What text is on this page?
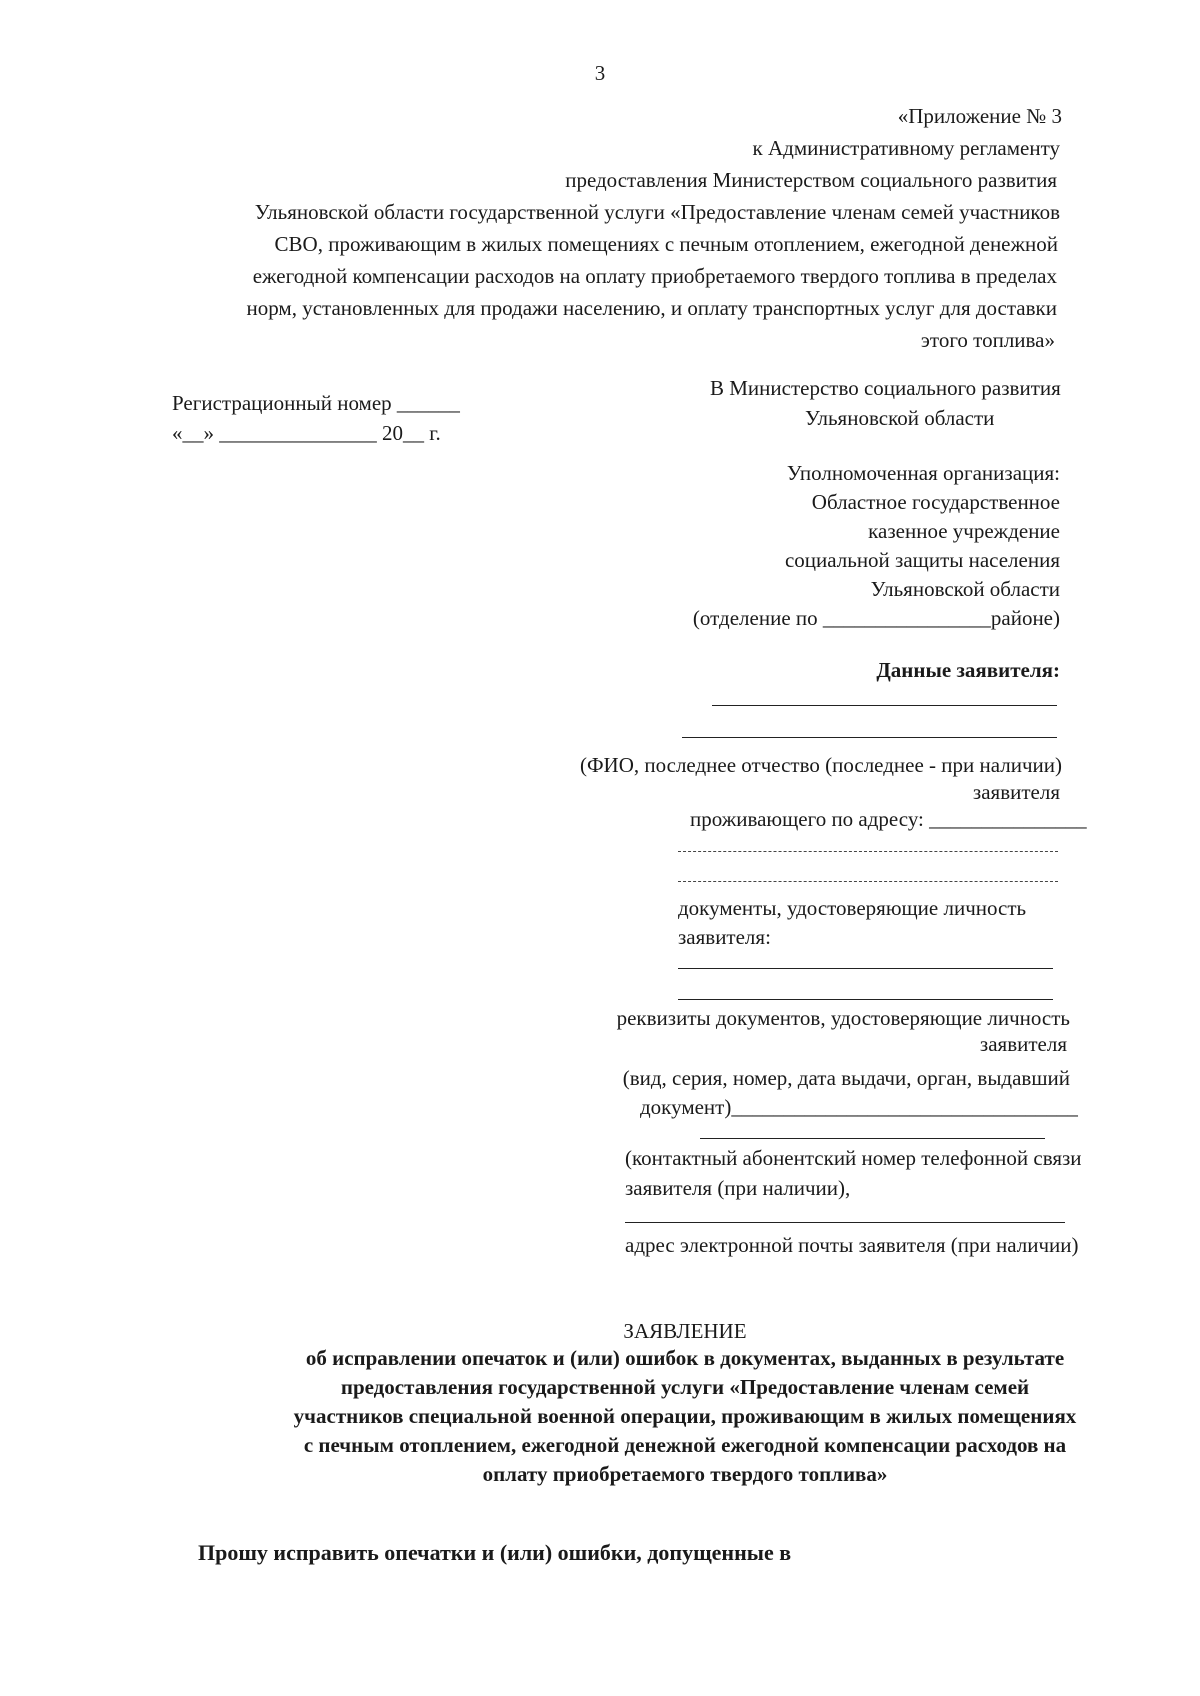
3
«Приложение № 3
к Административному регламенту
предоставления Министерством социального развития
Ульяновской области государственной услуги «Предоставление членам семей участников
СВО, проживающим в жилых помещениях с печным отоплением, ежегодной денежной
ежегодной компенсации расходов на оплату приобретаемого твердого топлива в пределах
норм, установленных для продажи населению, и оплату транспортных услуг для доставки
этого топлива»
Регистрационный номер ______
«__» _______________ 20__ г.
В Министерство социального развития
Ульяновской области
Уполномоченная организация:
Областное государственное
казенное учреждение
социальной защиты населения
Ульяновской области
(отделение по ________________районе)
Данные заявителя:
(ФИО, последнее отчество (последнее - при наличии)
заявителя
проживающего по адресу: _______________
документы, удостоверяющие личность
заявителя:
реквизиты документов, удостоверяющие личность
заявителя
(вид, серия, номер, дата выдачи, орган, выдавший
документ)_________________________________
(контактный абонентский номер телефонной связи
заявителя (при наличии),
адрес электронной почты заявителя (при наличии)
ЗАЯВЛЕНИЕ
об исправлении опечаток и (или) ошибок в документах, выданных в результате
предоставления государственной услуги «Предоставление членам семей
участников специальной военной операции, проживающим в жилых помещениях
с печным отоплением, ежегодной денежной ежегодной компенсации расходов на
оплату приобретаемого твердого топлива»
Прошу исправить опечатки и (или) ошибки, допущенные в
